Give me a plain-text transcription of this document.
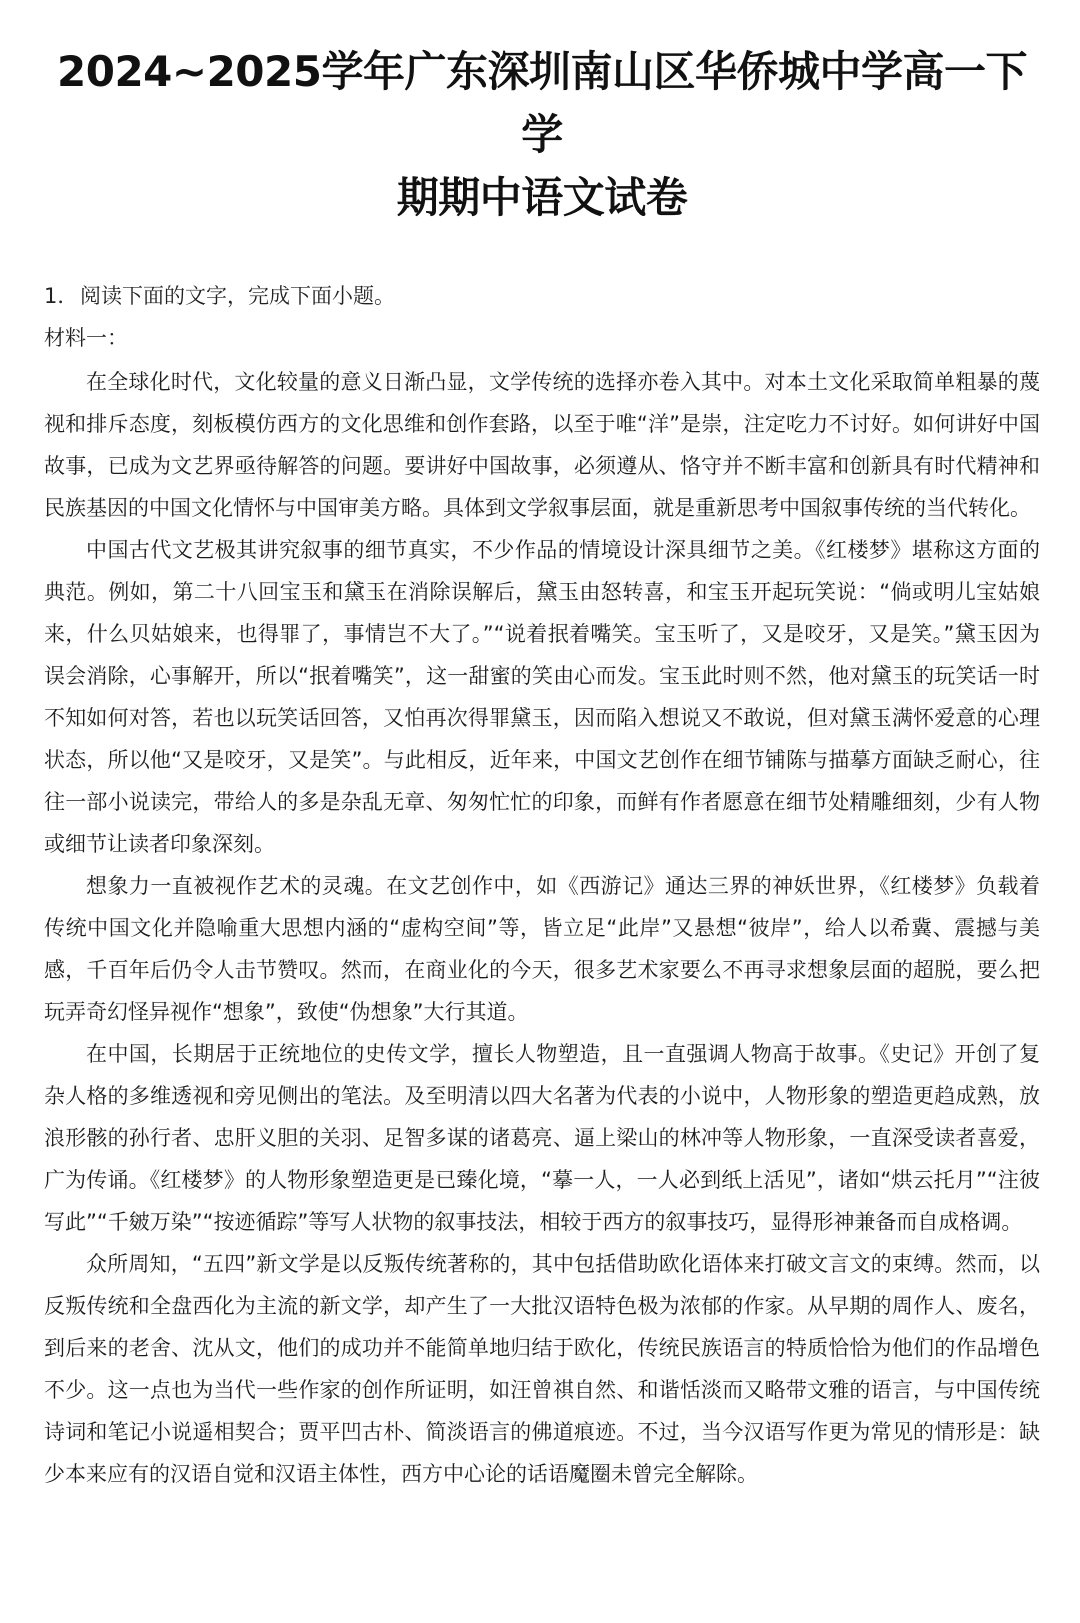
2024~2025学年广东深圳南山区华侨城中学高一下学
期期中语文试卷
1．阅读下面的文字，完成下面小题。
材料一：

在全球化时代，文化较量的意义日渐凸显，文学传统的选择亦卷入其中。对本土文化采取简单粗暴的蔑视和排斥态度，刻板模仿西方的文化思维和创作套路，以至于唯“洋”是崇，注定吃力不讨好。如何讲好中国故事，已成为文艺界亟待解答的问题。要讲好中国故事，必须遵从、恪守并不断丰富和创新具有时代精神和民族基因的中国文化情怀与中国审美方略。具体到文学叙事层面，就是重新思考中国叙事传统的当代转化。

中国古代文艺极其讲究叙事的细节真实，不少作品的情境设计深具细节之美。《红楼梦》堪称这方面的典范。例如，第二十八回宝玉和黛玉在消除误解后，黛玉由怒转喜，和宝玉开起玩笑说：“倘或明儿宝姑娘来，什么贝姑娘来，也得罪了，事情岂不大了。”“说着抿着嘴笑。宝玉听了，又是咬牙，又是笑。”黛玉因为误会消除，心事解开，所以“抿着嘴笑”，这一甜蜜的笑由心而发。宝玉此时则不然，他对黛玉的玩笑话一时不知如何对答，若也以玩笑话回答，又怕再次得罪黛玉，因而陷入想说又不敢说，但对黛玉满怀爱意的心理状态，所以他“又是咬牙，又是笑”。与此相反，近年来，中国文艺创作在细节铺陈与描摹方面缺乏耐心，往往一部小说读完，带给人的多是杂乱无章、匆匆忙忙的印象，而鲜有作者愿意在细节处精雕细刻，少有人物或细节让读者印象深刻。

想象力一直被视作艺术的灵魂。在文艺创作中，如《西游记》通达三界的神妖世界，《红楼梦》负载着传统中国文化并隐喻重大思想内涵的“虚构空间”等，皆立足“此岸”又悬想“彼岸”，给人以希冀、震撼与美感，千百年后仍令人击节赞叹。然而，在商业化的今天，很多艺术家要么不再寻求想象层面的超脱，要么把玩弄奇幻怪异视作“想象”，致使“伪想象”大行其道。

在中国，长期居于正统地位的史传文学，擅长人物塑造，且一直强调人物高于故事。《史记》开创了复杂人格的多维透视和旁见侧出的笔法。及至明清以四大名著为代表的小说中，人物形象的塑造更趋成熟，放浪形骸的孙行者、忠肝义胆的关羽、足智多谋的诸葛亮、逼上梁山的林冲等人物形象，一直深受读者喜爱，广为传诵。《红楼梦》的人物形象塑造更是已臻化境，“摹一人，一人必到纸上活见”，诸如“烘云托月”“注彼写此”“千皴万染”“按迹循踪”等写人状物的叙事技法，相较于西方的叙事技巧，显得形神兼备而自成格调。

众所周知，“五四”新文学是以反叛传统著称的，其中包括借助欧化语体来打破文言文的束缚。然而，以反叛传统和全盘西化为主流的新文学，却产生了一大批汉语特色极为浓郁的作家。从早期的周作人、废名，到后来的老舍、沈从文，他们的成功并不能简单地归结于欧化，传统民族语言的特质恰恰为他们的作品增色不少。这一点也为当代一些作家的创作所证明，如汪曾祺自然、和谐恬淡而又略带文雅的语言，与中国传统诗词和笔记小说遥相契合；贾平凹古朴、简淡语言的佛道痕迹。不过，当今汉语写作更为常见的情形是：缺少本来应有的汉语自觉和汉语主体性，西方中心论的话语魔圈未曾完全解除。
